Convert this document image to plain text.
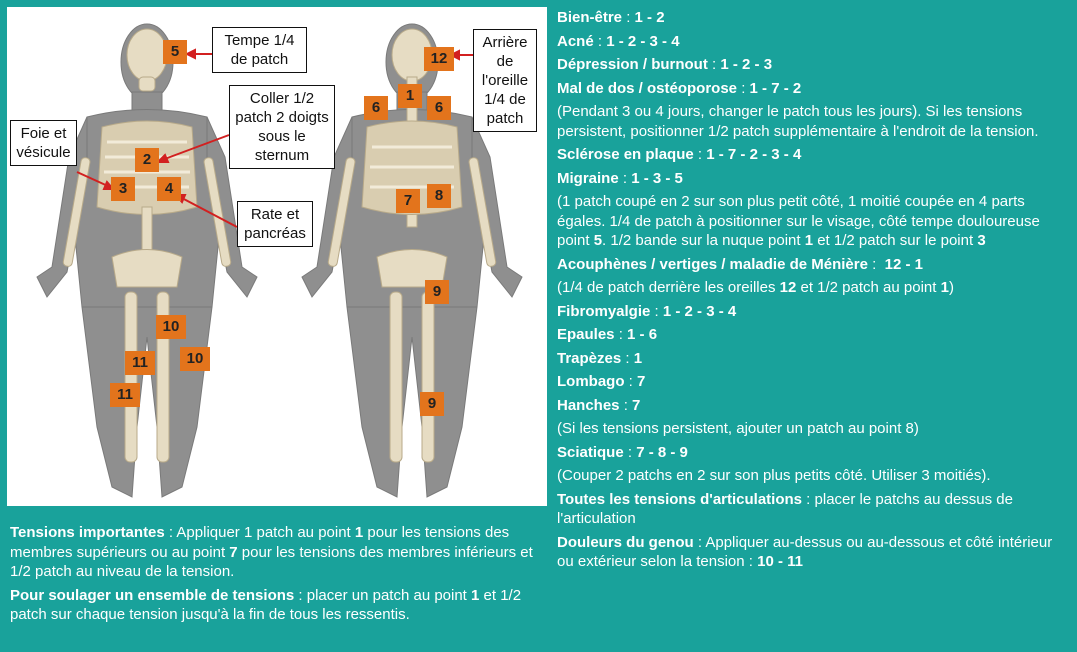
Tempe 1/4 de patch
Coller 1/2 patch 2 doigts sous le sternum
Foie et vésicule
Rate et pancréas
Arrière de l'oreille 1/4 de patch
5
2
3	4
10
10
11
11
12
1
6	6
8
7
9
9

Bien-être : 1 - 2

Acné : 1 - 2 - 3 - 4

Dépression / burnout : 1 - 2 - 3

Mal de dos / ostéoporose : 1 - 7 - 2

(Pendant 3 ou 4 jours, changer le patch tous les jours). Si les tensions persistent, positionner 1/2 patch supplémentaire à l'endroit de la tension.

Sclérose en plaque : 1 - 7 - 2 - 3 - 4

Migraine : 1 - 3 - 5

(1 patch coupé en 2 sur son plus petit côté, 1 moitié coupée en 4 parts égales. 1/4 de patch à positionner sur le visage, côté tempe douloureuse point 5. 1/2 bande sur la nuque point 1 et 1/2 patch sur le point 3

Acouphènes / vertiges / maladie de Ménière :  12 - 1

(1/4 de patch derrière les oreilles 12 et 1/2 patch au point 1)

Fibromyalgie : 1 - 2 - 3 - 4

Epaules : 1 - 6

Trapèzes : 1

Lombago : 7

Hanches : 7

(Si les tensions persistent, ajouter un patch au point 8)

Sciatique : 7 - 8 - 9

(Couper 2 patchs en 2 sur son plus petits côté. Utiliser 3 moitiés).

Toutes les tensions d'articulations : placer le patchs au dessus de l'articulation

Douleurs du genou : Appliquer au-dessus ou au-dessous et côté intérieur ou extérieur selon la tension : 10 - 11

Tensions importantes : Appliquer 1 patch au point 1 pour les tensions des membres supérieurs ou au point 7 pour les tensions des membres inférieurs et 1/2 patch au niveau de la tension.

Pour soulager un ensemble de tensions : placer un patch au point 1 et 1/2 patch sur chaque tension jusqu'à la fin de tous les ressentis.
